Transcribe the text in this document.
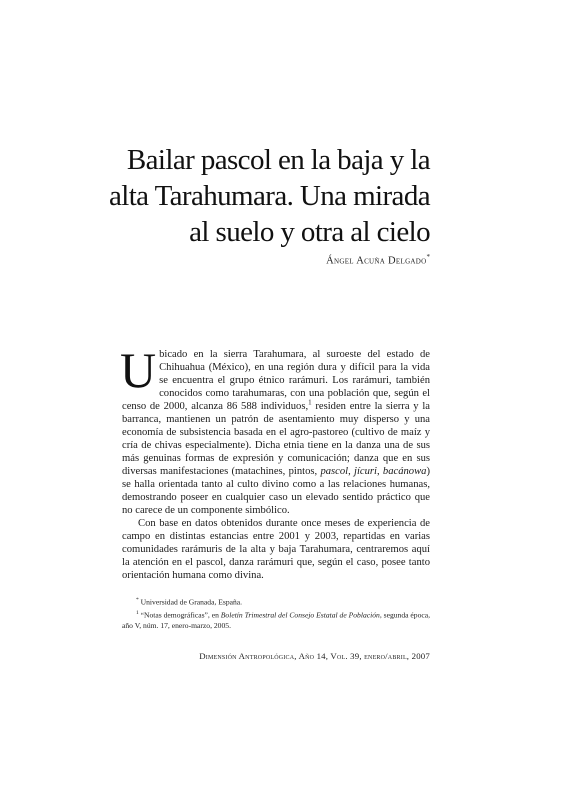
Bailar pascol en la baja y la
alta Tarahumara. Una mirada
al suelo y otra al cielo
Ángel Acuña Delgado*

Ubicado en la sierra Tarahumara, al suroeste del estado de Chihuahua (México), en una región dura y difícil para la vida se encuentra el grupo étnico rarámuri. Los rarámuri, también conocidos como tarahumaras, con una población que, según el censo de 2000, alcanza 86 588 individuos,$^1$ residen entre la sierra y la barranca, mantienen un patrón de asentamiento muy disperso y una economía de subsistencia basada en el agro-pastoreo (cultivo de maíz y cría de chivas especialmente). Dicha etnia tiene en la danza una de sus más genuinas formas de expresión y comunicación; danza que en sus diversas manifestaciones (matachines, pintos, pascol, jícuri, bacánowa) se halla orientada tanto al culto divino como a las relaciones humanas, demostrando poseer en cualquier caso un elevado sentido práctico que no carece de un componente simbólico.

Con base en datos obtenidos durante once meses de experiencia de campo en distintas estancias entre 2001 y 2003, repartidas en varias comunidades rarámuris de la alta y baja Tarahumara, centraremos aquí la atención en el pascol, danza rarámuri que, según el caso, posee tanto orientación humana como divina.

* Universidad de Granada, España.

$^1$ “Notas demográficas”, en Boletín Trimestral del Consejo Estatal de Población, segunda época, año V, núm. 17, enero-marzo, 2005.

Dimensión Antropológica, Año 14, Vol. 39, enero/abril, 2007
